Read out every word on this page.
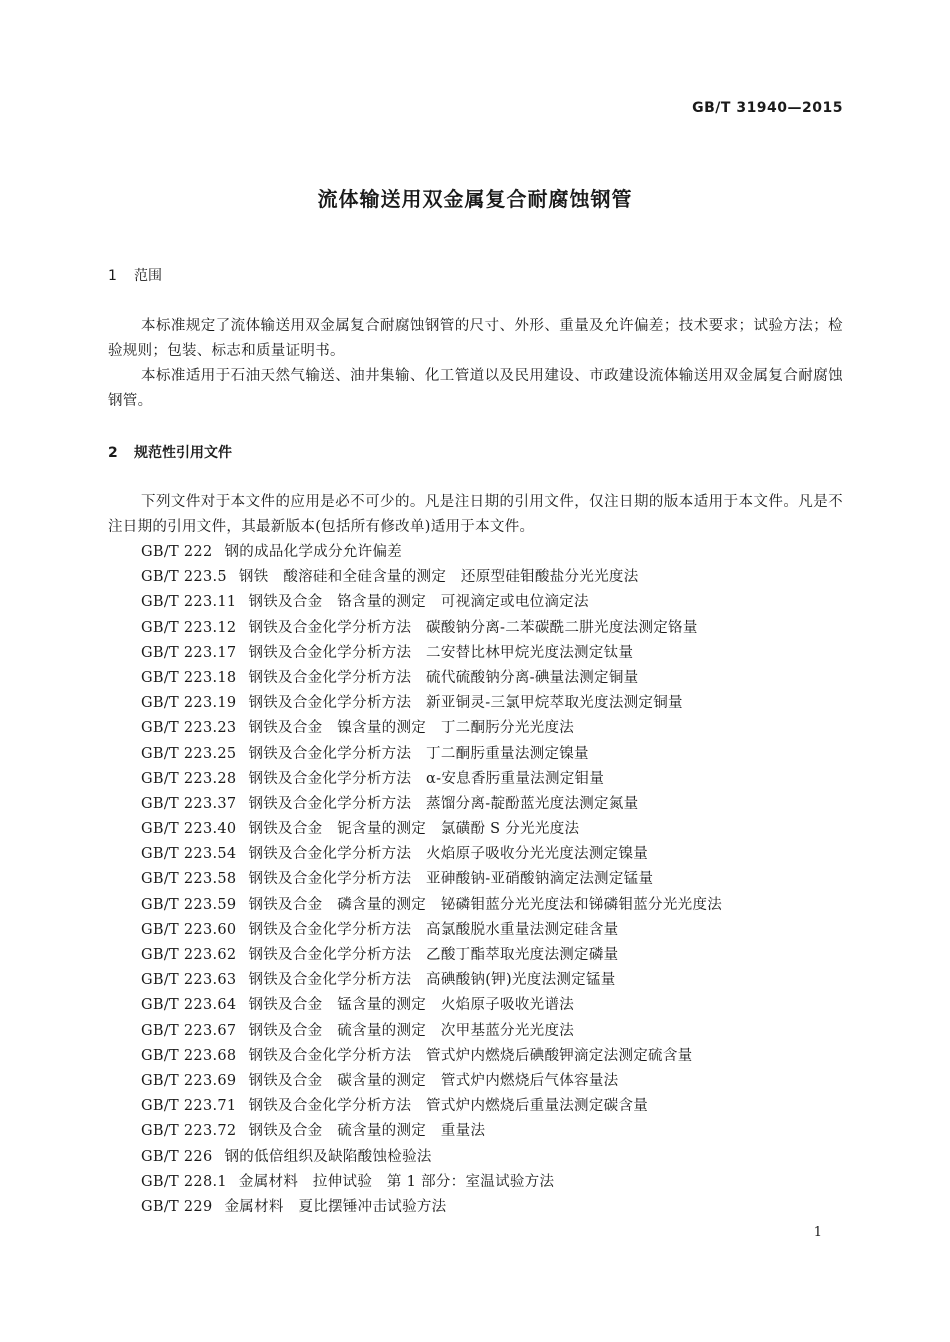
GB/T 31940—2015
流体输送用双金属复合耐腐蚀钢管
1 范围
本标准规定了流体输送用双金属复合耐腐蚀钢管的尺寸、外形、重量及允许偏差；技术要求；试验方法；检验规则；包装、标志和质量证明书。
本标准适用于石油天然气输送、油井集输、化工管道以及民用建设、市政建设流体输送用双金属复合耐腐蚀钢管。
2 规范性引用文件
下列文件对于本文件的应用是必不可少的。凡是注日期的引用文件，仅注日期的版本适用于本文件。凡是不注日期的引用文件，其最新版本(包括所有修改单)适用于本文件。
GB/T 222 钢的成品化学成分允许偏差
GB/T 223.5 钢铁　酸溶硅和全硅含量的测定　还原型硅钼酸盐分光光度法
GB/T 223.11 钢铁及合金　铬含量的测定　可视滴定或电位滴定法
GB/T 223.12 钢铁及合金化学分析方法　碳酸钠分离-二苯碳酰二肼光度法测定铬量
GB/T 223.17 钢铁及合金化学分析方法　二安替比林甲烷光度法测定钛量
GB/T 223.18 钢铁及合金化学分析方法　硫代硫酸钠分离-碘量法测定铜量
GB/T 223.19 钢铁及合金化学分析方法　新亚铜灵-三氯甲烷萃取光度法测定铜量
GB/T 223.23 钢铁及合金　镍含量的测定　丁二酮肟分光光度法
GB/T 223.25 钢铁及合金化学分析方法　丁二酮肟重量法测定镍量
GB/T 223.28 钢铁及合金化学分析方法　α-安息香肟重量法测定钼量
GB/T 223.37 钢铁及合金化学分析方法　蒸馏分离-靛酚蓝光度法测定氮量
GB/T 223.40 钢铁及合金　铌含量的测定　氯磺酚 S 分光光度法
GB/T 223.54 钢铁及合金化学分析方法　火焰原子吸收分光光度法测定镍量
GB/T 223.58 钢铁及合金化学分析方法　亚砷酸钠-亚硝酸钠滴定法测定锰量
GB/T 223.59 钢铁及合金　磷含量的测定　铋磷钼蓝分光光度法和锑磷钼蓝分光光度法
GB/T 223.60 钢铁及合金化学分析方法　高氯酸脱水重量法测定硅含量
GB/T 223.62 钢铁及合金化学分析方法　乙酸丁酯萃取光度法测定磷量
GB/T 223.63 钢铁及合金化学分析方法　高碘酸钠(钾)光度法测定锰量
GB/T 223.64 钢铁及合金　锰含量的测定　火焰原子吸收光谱法
GB/T 223.67 钢铁及合金　硫含量的测定　次甲基蓝分光光度法
GB/T 223.68 钢铁及合金化学分析方法　管式炉内燃烧后碘酸钾滴定法测定硫含量
GB/T 223.69 钢铁及合金　碳含量的测定　管式炉内燃烧后气体容量法
GB/T 223.71 钢铁及合金化学分析方法　管式炉内燃烧后重量法测定碳含量
GB/T 223.72 钢铁及合金　硫含量的测定　重量法
GB/T 226 钢的低倍组织及缺陷酸蚀检验法
GB/T 228.1 金属材料　拉伸试验　第 1 部分：室温试验方法
GB/T 229 金属材料　夏比摆锤冲击试验方法
1
